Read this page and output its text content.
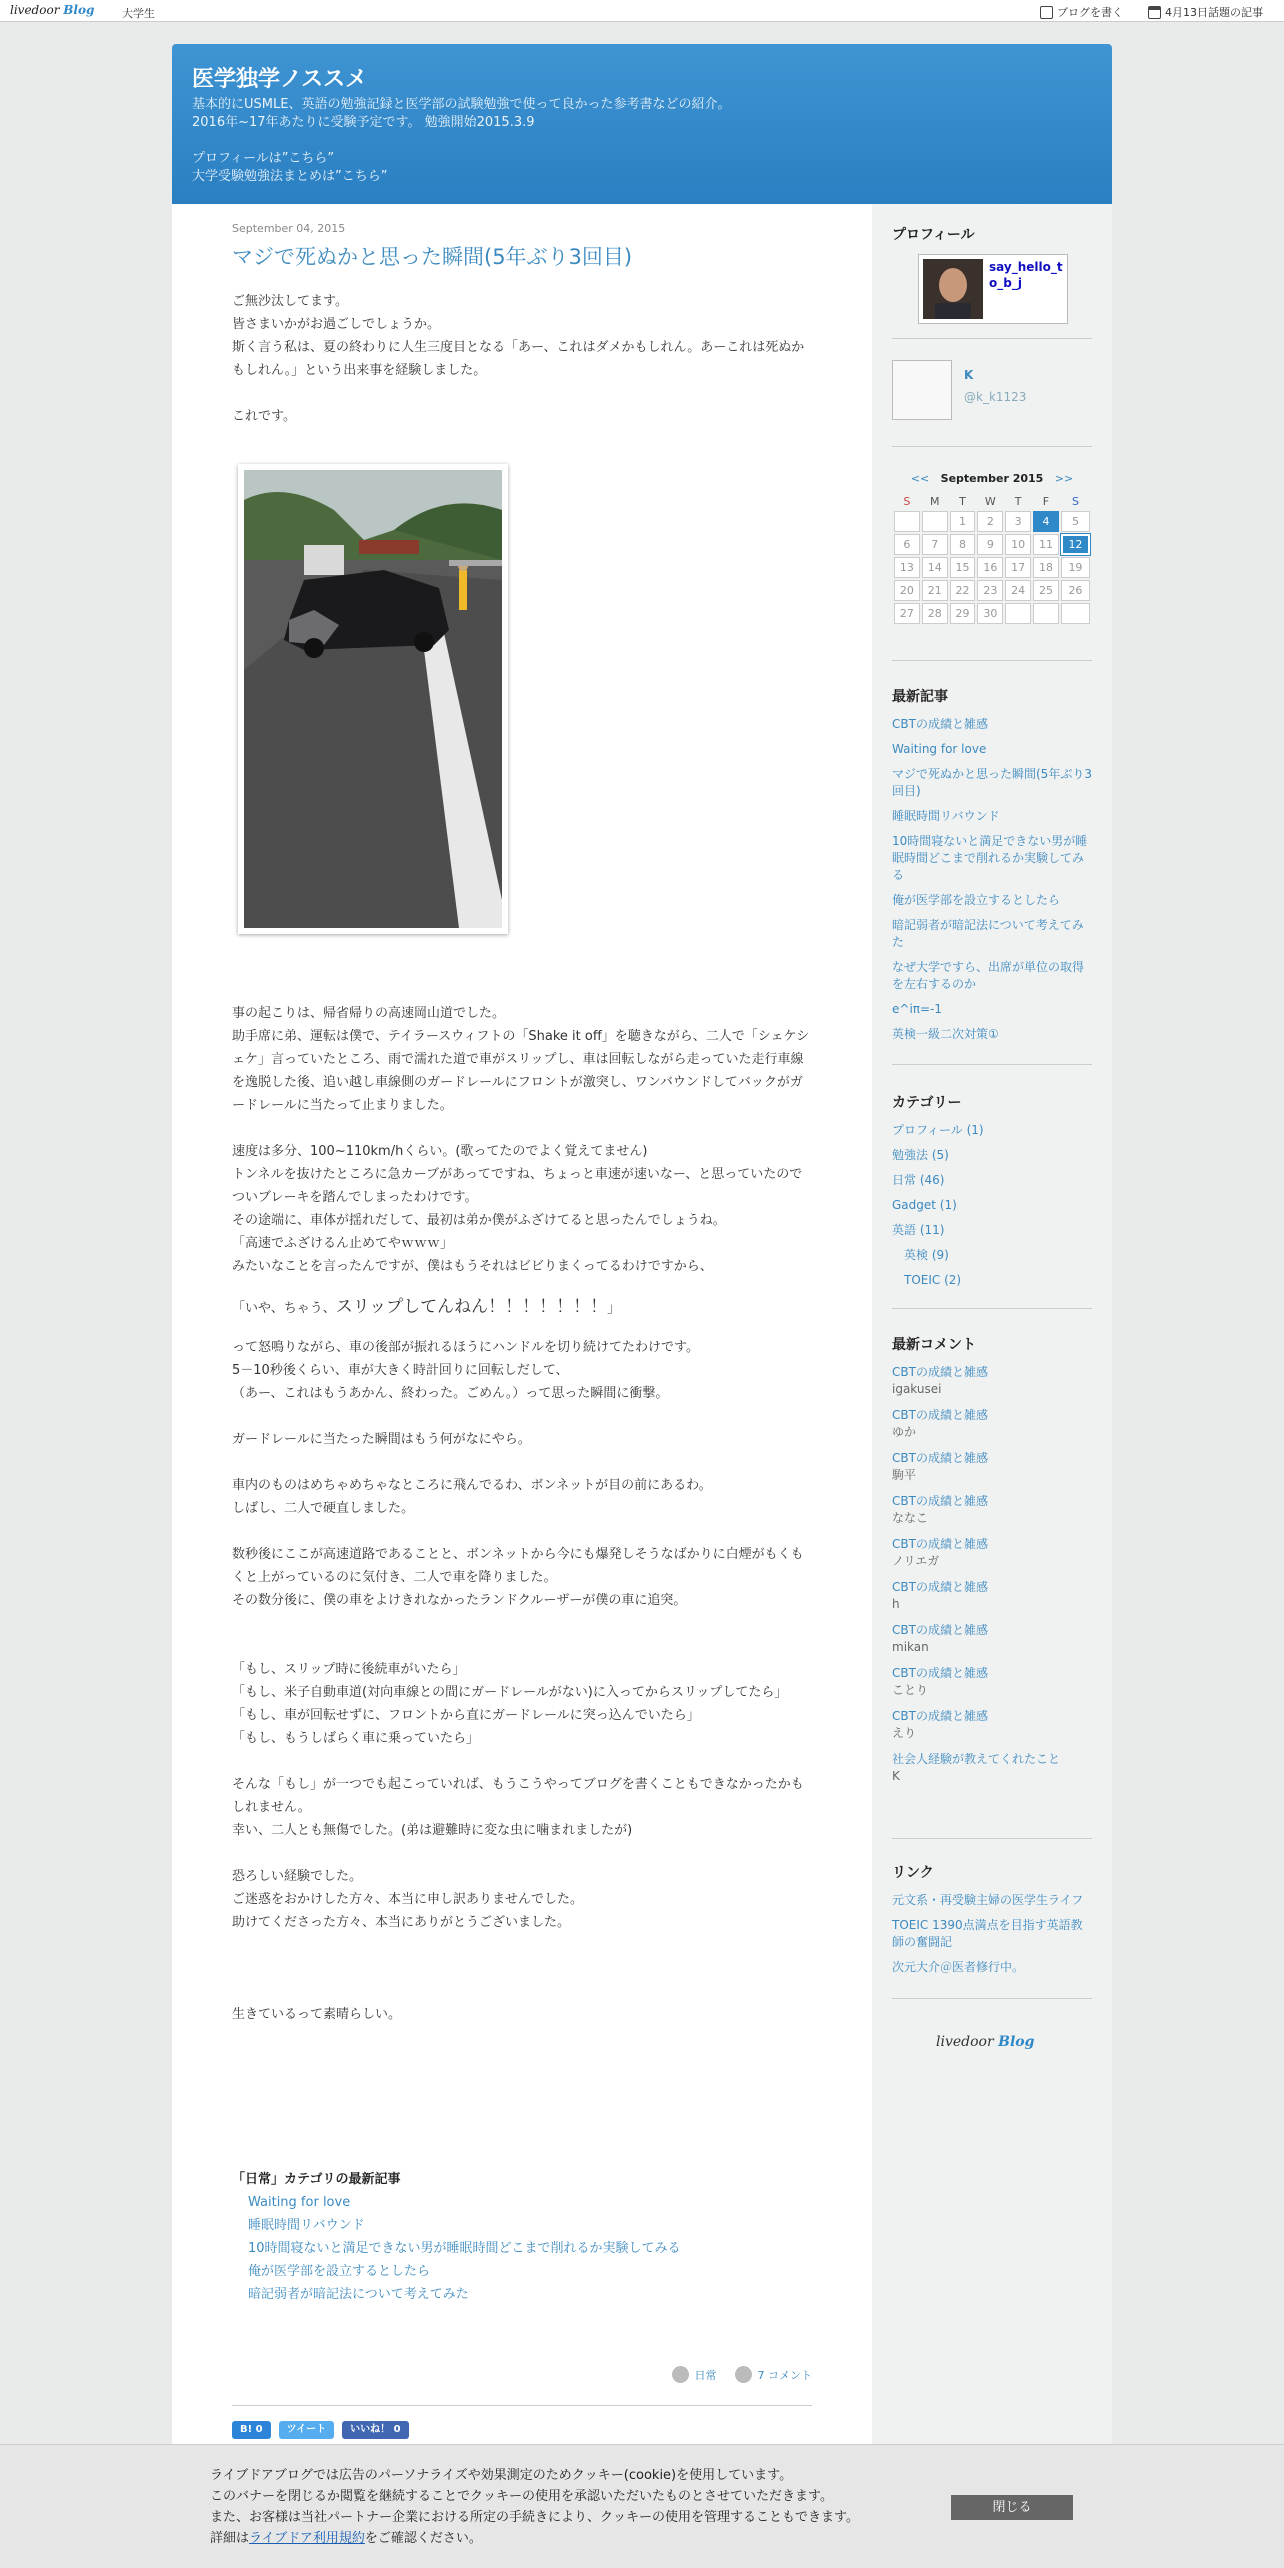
livedoor Blog	大学生	ブログを書く	4月13日話題の記事
医学独学ノススメ
基本的にUSMLE、英語の勉強記録と医学部の試験勉強で使って良かった参考書などの紹介。
2016年~17年あたりに受験予定です。 勉強開始2015.3.9
プロフィールは”こちら”
大学受験勉強法まとめは”こちら”
September 04, 2015
マジで死ぬかと思った瞬間(5年ぶり3回目)

ご無沙汰してます。
皆さまいかがお過ごしでしょうか。
斯く言う私は、夏の終わりに人生三度目となる「あー、これはダメかもしれん。あーこれは死ぬかもしれん。」という出来事を経験しました。

これです。

事の起こりは、帰省帰りの高速岡山道でした。
助手席に弟、運転は僕で、テイラースウィフトの「Shake it off」を聴きながら、二人で「シェケシェケ」言っていたところ、雨で濡れた道で車がスリップし、車は回転しながら走っていた走行車線を逸脱した後、追い越し車線側のガードレールにフロントが激突し、ワンバウンドしてバックがガードレールに当たって止まりました。

速度は多分、100~110km/hくらい。(歌ってたのでよく覚えてません)
トンネルを抜けたところに急カーブがあってですね、ちょっと車速が速いなー、と思っていたのでついブレーキを踏んでしまったわけです。
その途端に、車体が揺れだして、最初は弟か僕がふざけてると思ったんでしょうね。
「高速でふざけるん止めてやｗｗｗ」
みたいなことを言ったんですが、僕はもうそれはビビりまくってるわけですから、

「いや、ちゃう、スリップしてんねん！！！！！！！」

って怒鳴りながら、車の後部が振れるほうにハンドルを切り続けてたわけです。
5－10秒後くらい、車が大きく時計回りに回転しだして、
（あー、これはもうあかん、終わった。ごめん。）って思った瞬間に衝撃。

ガードレールに当たった瞬間はもう何がなにやら。

車内のものはめちゃめちゃなところに飛んでるわ、ボンネットが目の前にあるわ。
しばし、二人で硬直しました。

数秒後にここが高速道路であることと、ボンネットから今にも爆発しそうなばかりに白煙がもくもくと上がっているのに気付き、二人で車を降りました。
その数分後に、僕の車をよけきれなかったランドクルーザーが僕の車に追突。

「もし、スリップ時に後続車がいたら」
「もし、米子自動車道(対向車線との間にガードレールがない)に入ってからスリップしてたら」
「もし、車が回転せずに、フロントから直にガードレールに突っ込んでいたら」
「もし、もうしばらく車に乗っていたら」

そんな「もし」が一つでも起こっていれば、もうこうやってブログを書くこともできなかったかもしれません。
幸い、二人とも無傷でした。(弟は避難時に変な虫に噛まれましたが)

恐ろしい経験でした。
ご迷惑をおかけした方々、本当に申し訳ありませんでした。
助けてくださった方々、本当にありがとうございました。

生きているって素晴らしい。

「日常」カテゴリの最新記事
Waiting for love
睡眠時間リバウンド
10時間寝ないと満足できない男が睡眠時間どこまで削れるか実験してみる
俺が医学部を設立するとしたら
暗記弱者が暗記法について考えてみた
日常	7 コメント
B! 0	ツイート	いいね！ 0
プロフィール
say_hello_to_b_j
K
@k_k1123
<< September 2015 >>
S	M	T	W	T	F	S
		1	2	3	4	5
6	7	8	9	10	11	12
13	14	15	16	17	18	19
20	21	22	23	24	25	26
27	28	29	30			
最新記事
CBTの成績と雑感
Waiting for love
マジで死ぬかと思った瞬間(5年ぶり3回目)
睡眠時間リバウンド
10時間寝ないと満足できない男が睡眠時間どこまで削れるか実験してみる
俺が医学部を設立するとしたら
暗記弱者が暗記法について考えてみた
なぜ大学ですら、出席が単位の取得を左右するのか
e^iπ=-1
英検一級二次対策①
カテゴリー
プロフィール (1)
勉強法 (5)
日常 (46)
Gadget (1)
英語 (11)
英検 (9)
TOEIC (2)
最新コメント
CBTの成績と雑感
igakusei
CBTの成績と雑感
ゆか
CBTの成績と雑感
駒平
CBTの成績と雑感
ななこ
CBTの成績と雑感
ノリエガ
CBTの成績と雑感
h
CBTの成績と雑感
mikan
CBTの成績と雑感
ことり
CBTの成績と雑感
えり
社会人経験が教えてくれたこと
K
リンク
元文系・再受験主婦の医学生ライフ
TOEIC 1390点満点を目指す英語教師の奮闘記
次元大介＠医者修行中。
livedoor Blog
ライブドアブログでは広告のパーソナライズや効果測定のためクッキー(cookie)を使用しています。
このバナーを閉じるか閲覧を継続することでクッキーの使用を承認いただいたものとさせていただきます。
また、お客様は当社パートナー企業における所定の手続きにより、クッキーの使用を管理することもできます。
詳細はライブドア利用規約をご確認ください。
閉じる
